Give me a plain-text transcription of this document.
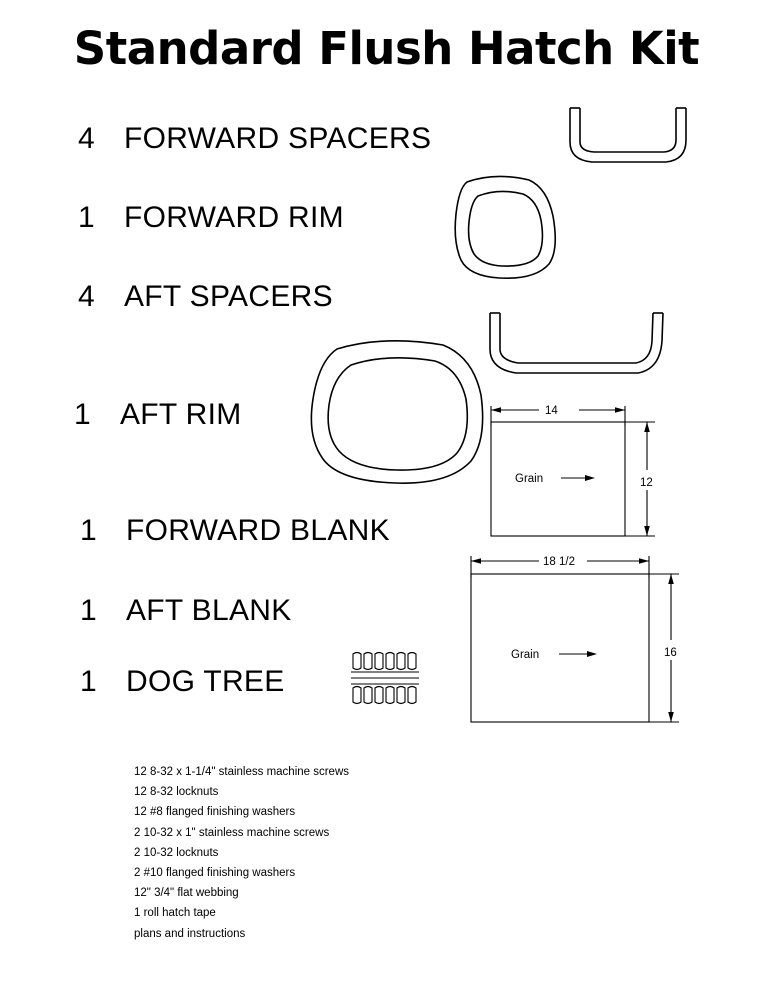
Standard Flush Hatch Kit
4 FORWARD SPACERS
1 FORWARD RIM
4 AFT SPACERS
1 AFT RIM
1 FORWARD BLANK
1 AFT BLANK
1 DOG TREE
14
12
Grain
18 1/2
16
Grain
12 8-32 x 1-1/4" stainless machine screws
12 8-32 locknuts
12 #8 flanged finishing washers
2 10-32 x 1" stainless machine screws
2 10-32 locknuts
2 #10 flanged finishing washers
12" 3/4" flat webbing
1 roll hatch tape
plans and instructions
